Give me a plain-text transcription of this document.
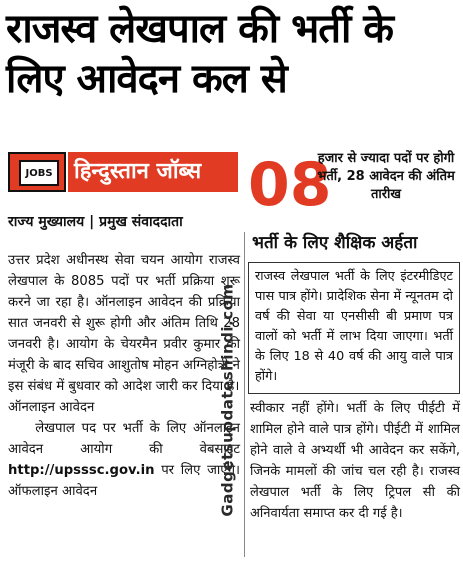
राजस्व लेखपाल की भर्ती के लिए आवेदन कल से
JOBS हिन्दुस्तान जॉब्स
राज्य मुख्यालय | प्रमुख संवाददाता
08
हजार से ज्यादा पदों पर होगी भर्ती, 28 आवेदन की अंतिम तारीख
उत्तर प्रदेश अधीनस्थ सेवा चयन आयोग राजस्व लेखपाल के 8085 पदों पर भर्ती प्रक्रिया शुरू करने जा रहा है। ऑनलाइन आवेदन की प्रक्रिया सात जनवरी से शुरू होगी और अंतिम तिथि 28 जनवरी है। आयोग के चेयरमैन प्रवीर कुमार की मंजूरी के बाद सचिव आशुतोष मोहन अग्निहोत्री ने इस संबंध में बुधवार को आदेश जारी कर दिया है।
ऑनलाइन आवेदन
लेखपाल पद पर भर्ती के लिए ऑनलाइन आवेदन आयोग की वेबसाइट http://upsssc.gov.in पर लिए जाएंगे। ऑफलाइन आवेदन	Gadgetsupdateshindi.com
भर्ती के लिए शैक्षिक अर्हता
राजस्व लेखपाल भर्ती के लिए इंटरमीडिएट पास पात्र होंगे। प्रादेशिक सेना में न्यूनतम दो वर्ष की सेवा या एनसीसी बी प्रमाण पत्र वालों को भर्ती में लाभ दिया जाएगा। भर्ती के लिए 18 से 40 वर्ष की आयु वाले पात्र होंगे।
स्वीकार नहीं होंगे। भर्ती के लिए पीईटी में शामिल होने वाले पात्र होंगे। पीईटी में शामिल होने वाले वे अभ्यर्थी भी आवेदन कर सकेंगे, जिनके मामलों की जांच चल रही है। राजस्व लेखपाल भर्ती के लिए ट्रिपल सी की अनिवार्यता समाप्त कर दी गई है।
